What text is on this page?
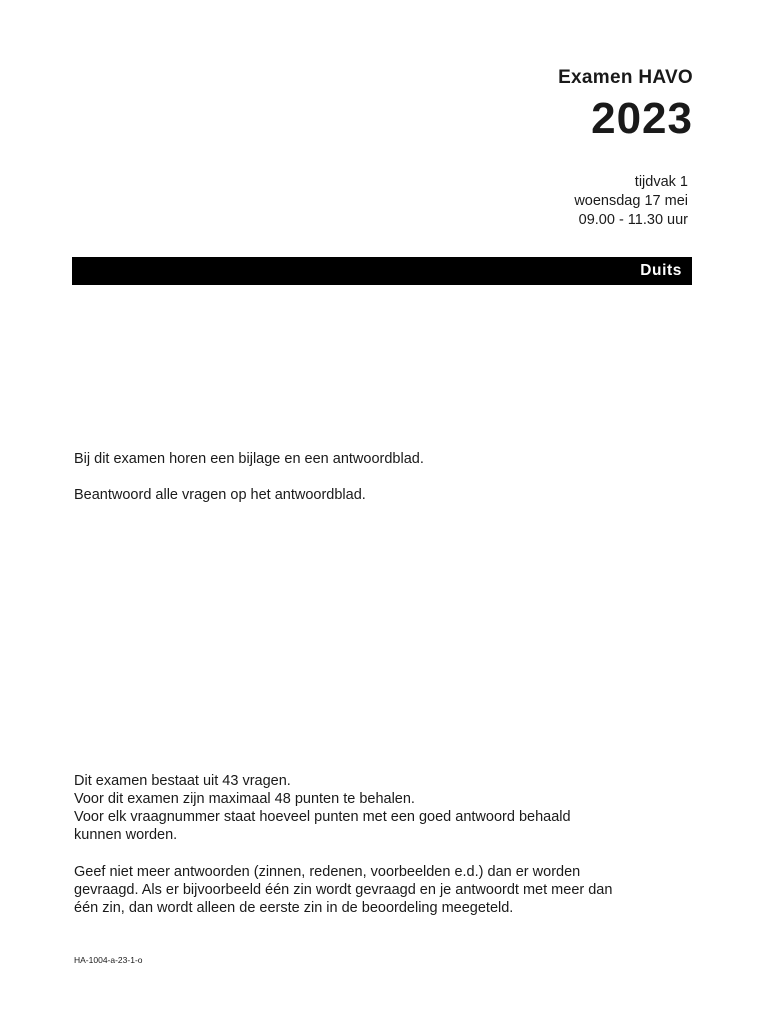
Examen HAVO
2023
tijdvak 1
woensdag 17 mei
09.00 - 11.30 uur
Duits
Bij dit examen horen een bijlage en een antwoordblad.
Beantwoord alle vragen op het antwoordblad.
Dit examen bestaat uit 43 vragen.
Voor dit examen zijn maximaal 48 punten te behalen.
Voor elk vraagnummer staat hoeveel punten met een goed antwoord behaald
kunnen worden.
Geef niet meer antwoorden (zinnen, redenen, voorbeelden e.d.) dan er worden
gevraagd. Als er bijvoorbeeld één zin wordt gevraagd en je antwoordt met meer dan
één zin, dan wordt alleen de eerste zin in de beoordeling meegeteld.
HA-1004-a-23-1-o
